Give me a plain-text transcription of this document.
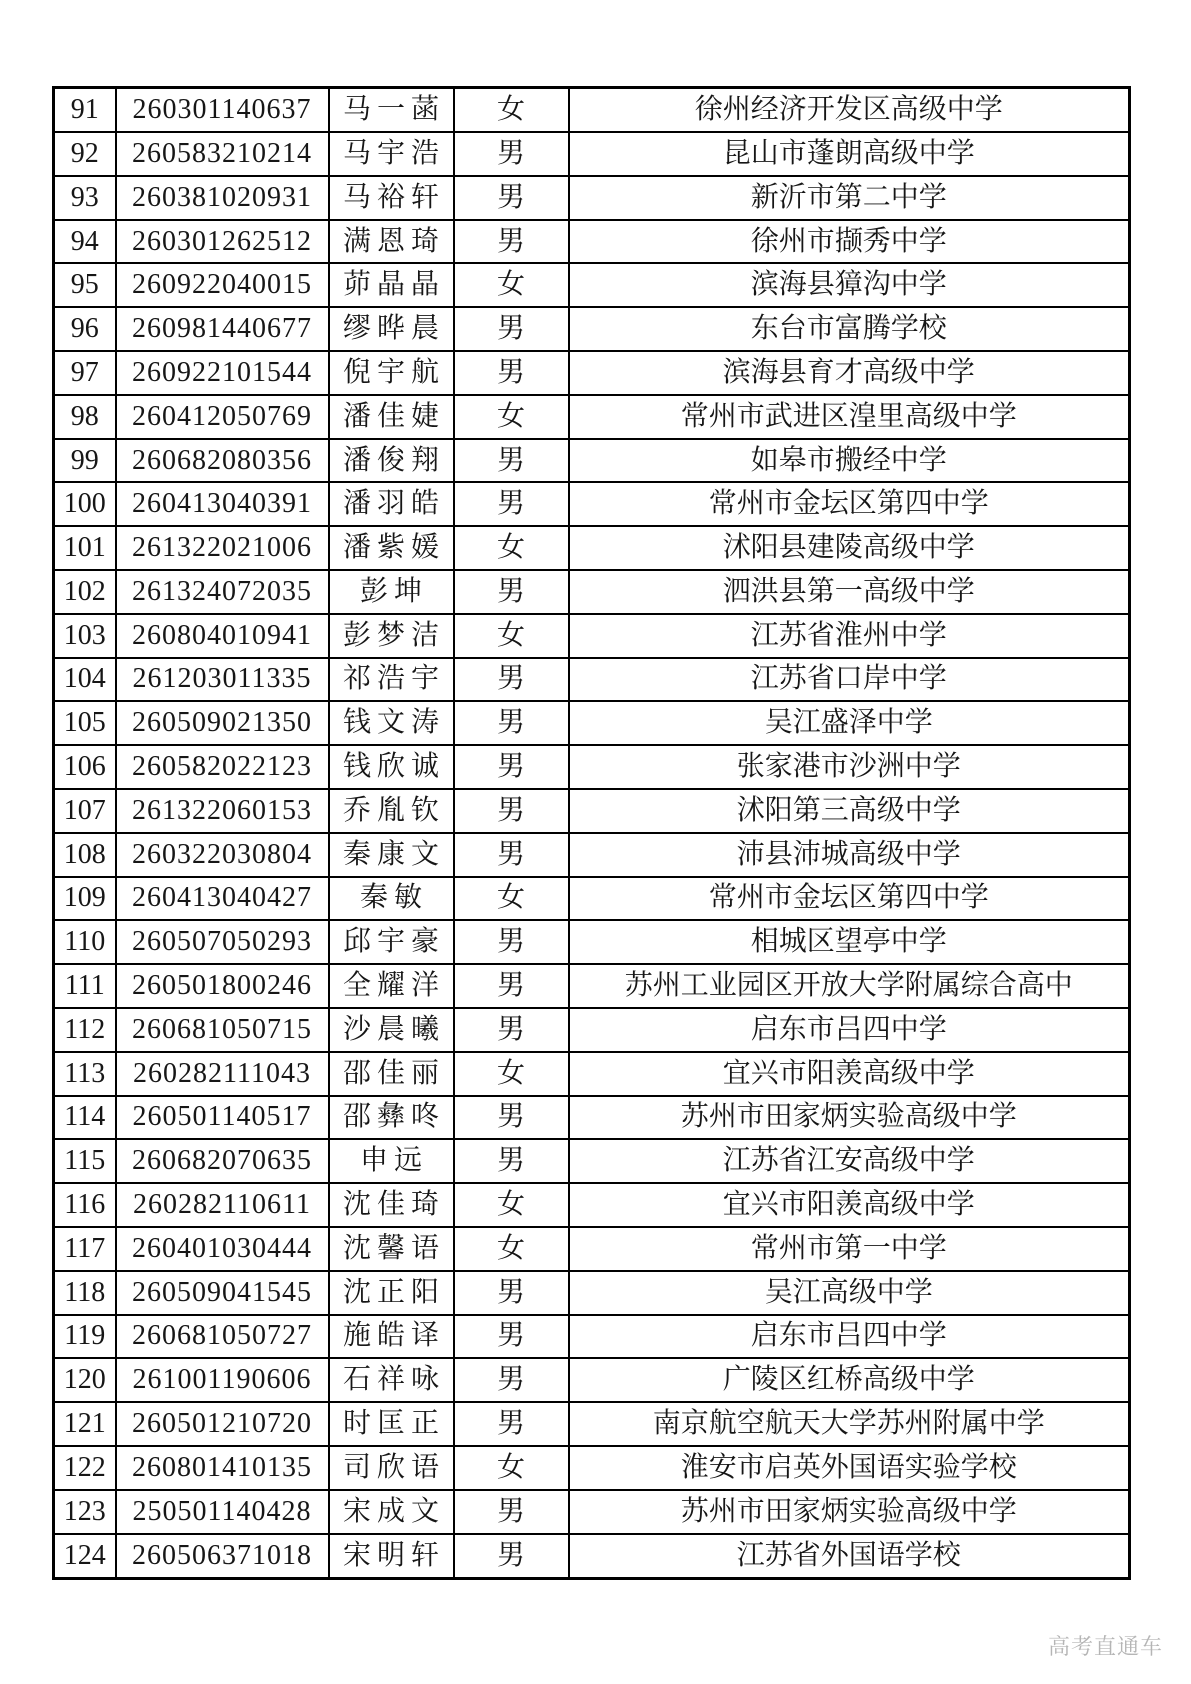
91	260301140637	马一菡	女	徐州经济开发区高级中学
92	260583210214	马宇浩	男	昆山市蓬朗高级中学
93	260381020931	马裕轩	男	新沂市第二中学
94	260301262512	满恩琦	男	徐州市撷秀中学
95	260922040015	茆晶晶	女	滨海县獐沟中学
96	260981440677	缪晔晨	男	东台市富腾学校
97	260922101544	倪宇航	男	滨海县育才高级中学
98	260412050769	潘佳婕	女	常州市武进区湟里高级中学
99	260682080356	潘俊翔	男	如皋市搬经中学
100	260413040391	潘羽皓	男	常州市金坛区第四中学
101	261322021006	潘紫媛	女	沭阳县建陵高级中学
102	261324072035	彭坤	男	泗洪县第一高级中学
103	260804010941	彭梦洁	女	江苏省淮州中学
104	261203011335	祁浩宇	男	江苏省口岸中学
105	260509021350	钱文涛	男	吴江盛泽中学
106	260582022123	钱欣诚	男	张家港市沙洲中学
107	261322060153	乔胤钦	男	沭阳第三高级中学
108	260322030804	秦康文	男	沛县沛城高级中学
109	260413040427	秦敏	女	常州市金坛区第四中学
110	260507050293	邱宇豪	男	相城区望亭中学
111	260501800246	全耀洋	男	苏州工业园区开放大学附属综合高中
112	260681050715	沙晨曦	男	启东市吕四中学
113	260282111043	邵佳丽	女	宜兴市阳羡高级中学
114	260501140517	邵彝咚	男	苏州市田家炳实验高级中学
115	260682070635	申远	男	江苏省江安高级中学
116	260282110611	沈佳琦	女	宜兴市阳羡高级中学
117	260401030444	沈馨语	女	常州市第一中学
118	260509041545	沈正阳	男	吴江高级中学
119	260681050727	施皓译	男	启东市吕四中学
120	261001190606	石祥咏	男	广陵区红桥高级中学
121	260501210720	时匡正	男	南京航空航天大学苏州附属中学
122	260801410135	司欣语	女	淮安市启英外国语实验学校
123	250501140428	宋成文	男	苏州市田家炳实验高级中学
124	260506371018	宋明轩	男	江苏省外国语学校
高考直通车
